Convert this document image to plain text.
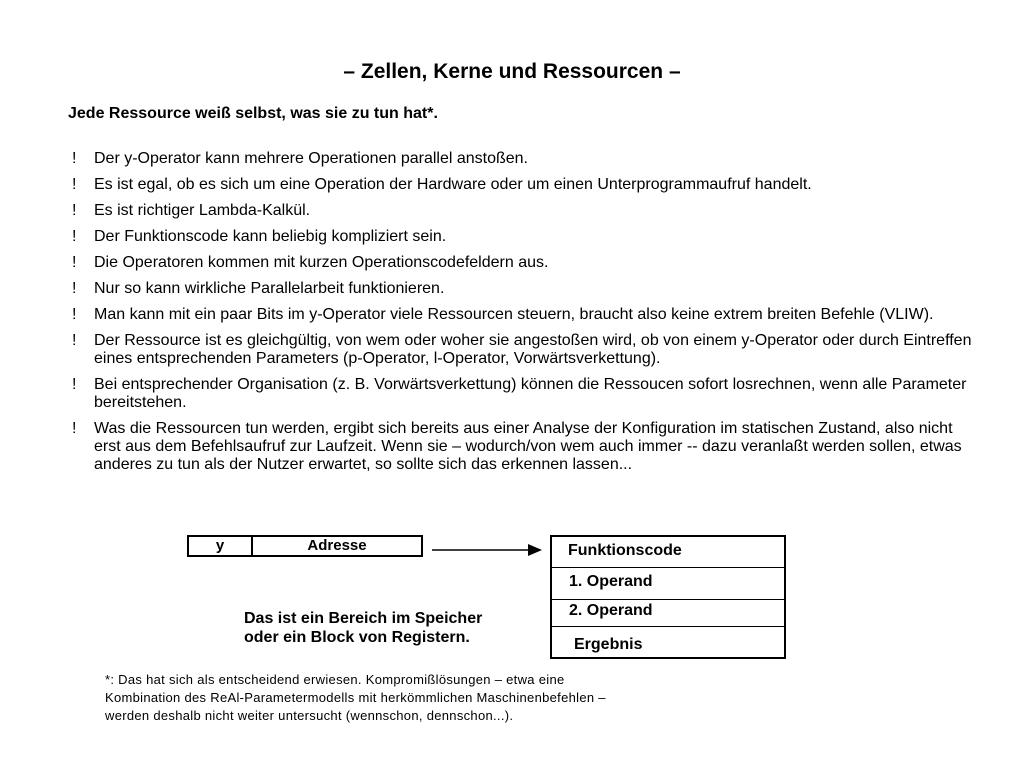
– Zellen, Kerne und Ressourcen –
Jede Ressource weiß selbst, was sie zu tun hat*.
! Der y-Operator kann mehrere Operationen parallel anstoßen.
! Es ist egal, ob es sich um eine Operation der Hardware oder um einen Unterprogrammaufruf handelt.
! Es ist richtiger Lambda-Kalkül.
! Der Funktionscode kann beliebig kompliziert sein.
! Die Operatoren kommen mit kurzen Operationscodefeldern aus.
! Nur so kann wirkliche Parallelarbeit funktionieren.
! Man kann mit ein paar Bits im y-Operator viele Ressourcen steuern, braucht also keine extrem breiten Befehle (VLIW).
! Der Ressource ist es gleichgültig, von wem oder woher sie angestoßen wird, ob von einem y-Operator oder durch Eintreffen eines entsprechenden Parameters (p-Operator, l-Operator, Vorwärtsverkettung).
! Bei entsprechender Organisation (z. B. Vorwärtsverkettung) können die Ressoucen sofort losrechnen, wenn alle Parameter bereitstehen.
! Was die Ressourcen tun werden, ergibt sich bereits aus einer Analyse der Konfiguration im statischen Zustand, also nicht erst aus dem Befehlsaufruf zur Laufzeit. Wenn sie – wodurch/von wem auch immer -- dazu veranlaßt werden sollen, etwas anderes zu tun als der Nutzer erwartet, so sollte sich das erkennen lassen...
y	Adresse	Funktionscode
1. Operand
2. Operand
Ergebnis
Das ist ein Bereich im Speicher
oder ein Block von Registern.
*: Das hat sich als entscheidend erwiesen. Kompromißlösungen – etwa eine
Kombination des ReAl-Parametermodells mit herkömmlichen Maschinenbefehlen –
werden deshalb nicht weiter untersucht (wennschon, dennschon...).
